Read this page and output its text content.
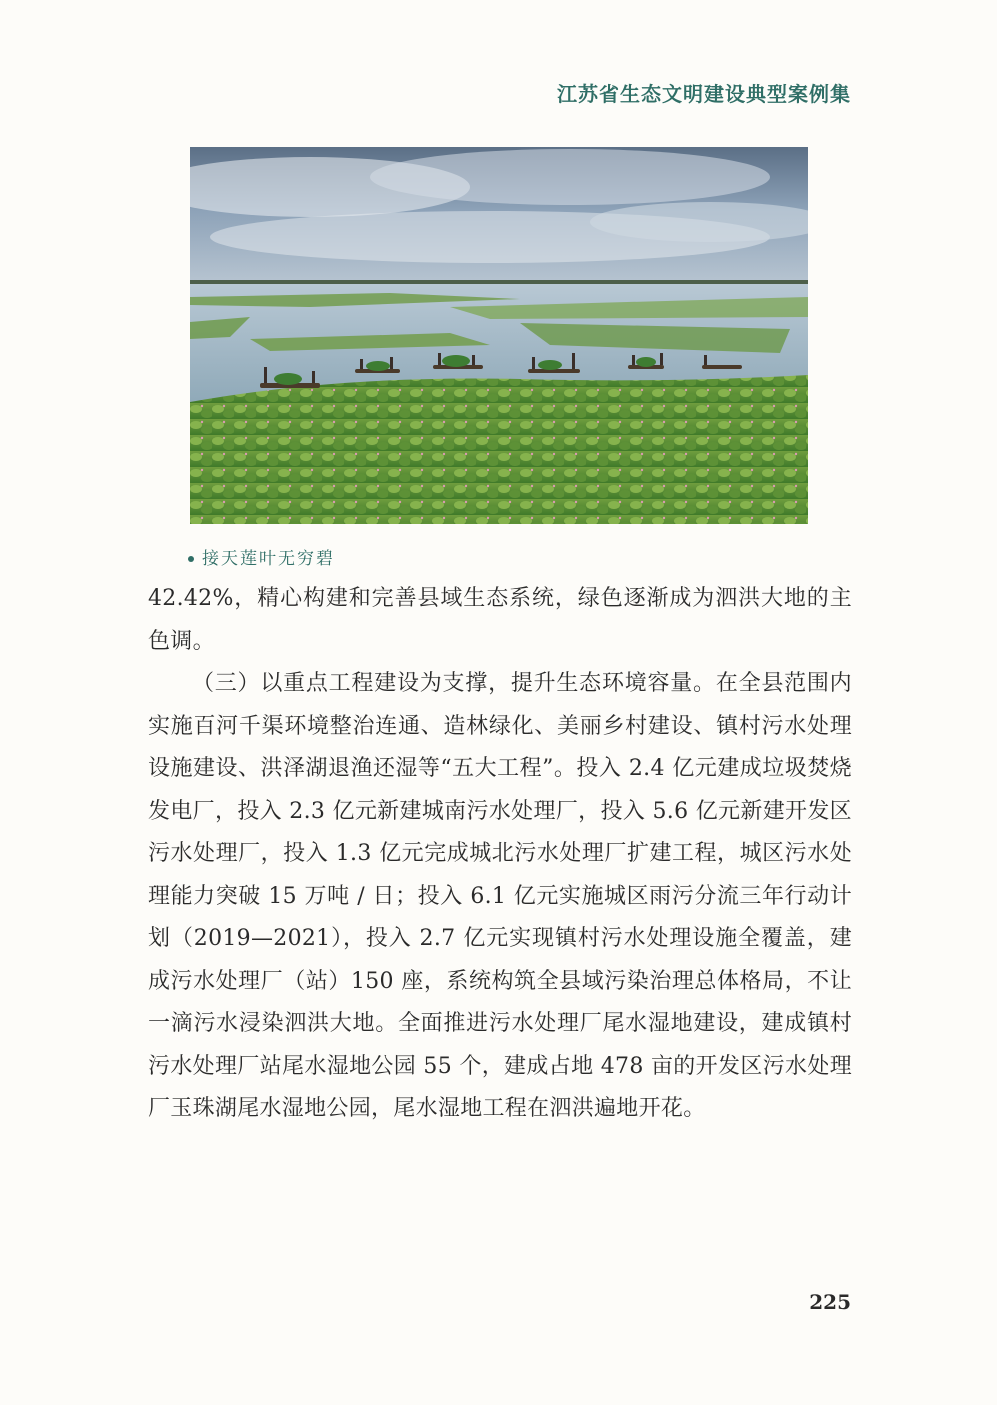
江苏省生态文明建设典型案例集
接天莲叶无穷碧

42.42%，精心构建和完善县域生态系统，绿色逐渐成为泗洪大地的主色调。

（三）以重点工程建设为支撑，提升生态环境容量。在全县范围内实施百河千渠环境整治连通、造林绿化、美丽乡村建设、镇村污水处理设施建设、洪泽湖退渔还湿等“五大工程”。投入 2.4 亿元建成垃圾焚烧发电厂，投入 2.3 亿元新建城南污水处理厂，投入 5.6 亿元新建开发区污水处理厂，投入 1.3 亿元完成城北污水处理厂扩建工程，城区污水处理能力突破 15 万吨 / 日；投入 6.1 亿元实施城区雨污分流三年行动计划（2019—2021），投入 2.7 亿元实现镇村污水处理设施全覆盖，建成污水处理厂（站）150 座，系统构筑全县域污染治理总体格局，不让一滴污水浸染泗洪大地。全面推进污水处理厂尾水湿地建设，建成镇村污水处理厂站尾水湿地公园 55 个，建成占地 478 亩的开发区污水处理厂玉珠湖尾水湿地公园，尾水湿地工程在泗洪遍地开花。

225
